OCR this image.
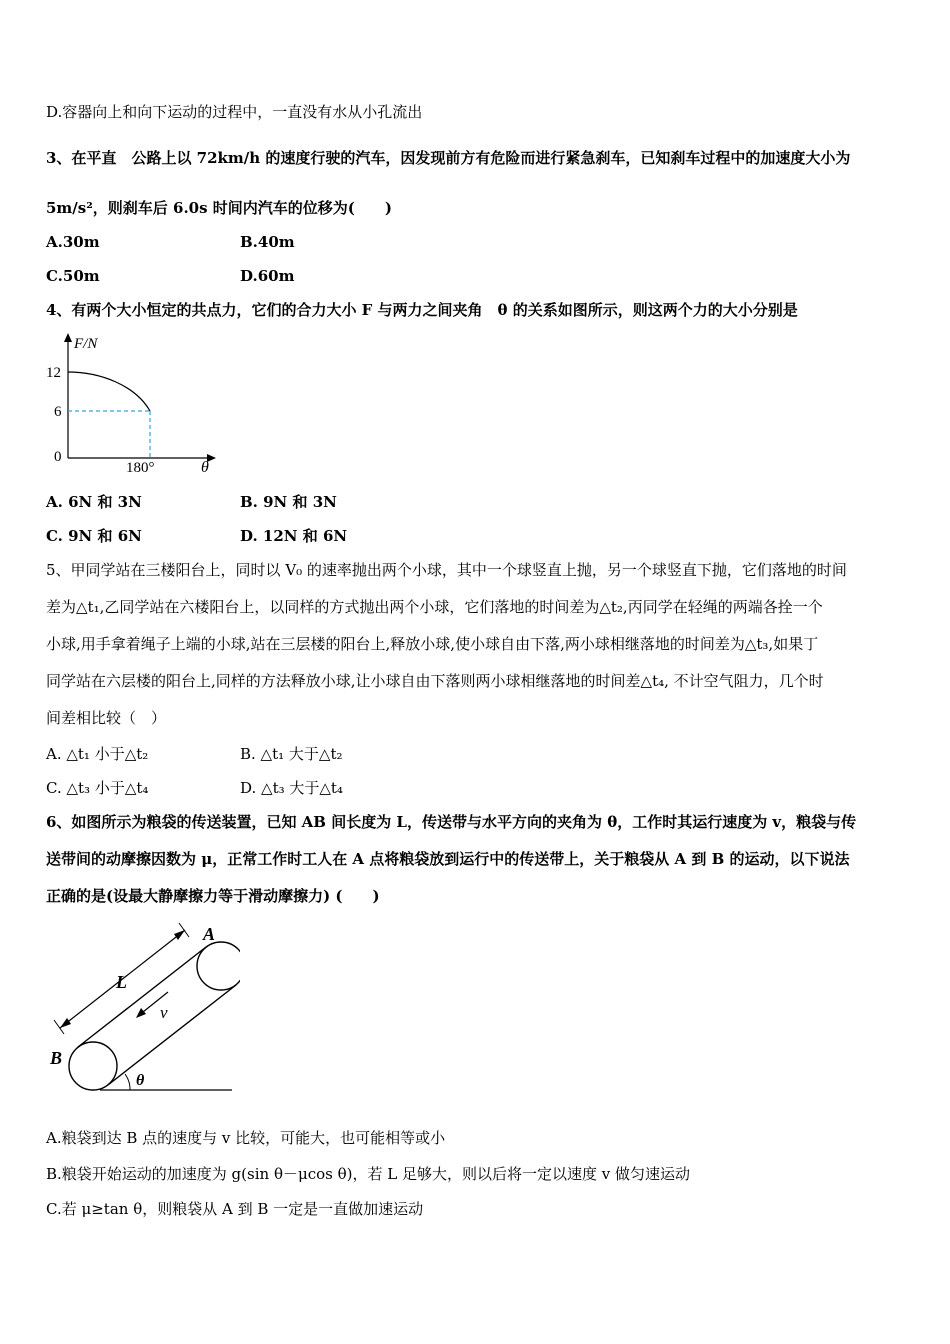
D.容器向上和向下运动的过程中，一直没有水从小孔流出
3、在平直　公路上以 72km/h 的速度行驶的汽车，因发现前方有危险而进行紧急刹车，已知刹车过程中的加速度大小为
5m/s²，则刹车后 6.0s 时间内汽车的位移为(　　)
A.30m	B.40m
C.50m	D.60m
4、有两个大小恒定的共点力，它们的合力大小 F 与两力之间夹角　θ 的关系如图所示，则这两个力的大小分别是
F/N
12
6
0
180°	θ
A. 6N 和 3N	B. 9N 和 3N
C. 9N 和 6N	D. 12N 和 6N
5、甲同学站在三楼阳台上，同时以 V₀ 的速率抛出两个小球，其中一个球竖直上抛，另一个球竖直下抛，它们落地的时间
差为△t₁,乙同学站在六楼阳台上，以同样的方式抛出两个小球，它们落地的时间差为△t₂,丙同学在轻绳的两端各拴一个
小球,用手拿着绳子上端的小球,站在三层楼的阳台上,释放小球,使小球自由下落,两小球相继落地的时间差为△t₃,如果丁
同学站在六层楼的阳台上,同样的方法释放小球,让小球自由下落则两小球相继落地的时间差△t₄, 不计空气阻力，几个时
间差相比较（　）
A. △t₁ 小于△t₂	B. △t₁ 大于△t₂
C. △t₃ 小于△t₄	D. △t₃ 大于△t₄
6、如图所示为粮袋的传送装置，已知 AB 间长度为 L，传送带与水平方向的夹角为 θ，工作时其运行速度为 v，粮袋与传
送带间的动摩擦因数为 μ，正常工作时工人在 A 点将粮袋放到运行中的传送带上，关于粮袋从 A 到 B 的运动，以下说法
正确的是(设最大静摩擦力等于滑动摩擦力) (　　)
A
B
L
v
θ
A.粮袋到达 B 点的速度与 v 比较，可能大，也可能相等或小
B.粮袋开始运动的加速度为 g(sin θ－μcos θ)，若 L 足够大，则以后将一定以速度 v 做匀速运动
C.若 μ≥tan θ，则粮袋从 A 到 B 一定是一直做加速运动
